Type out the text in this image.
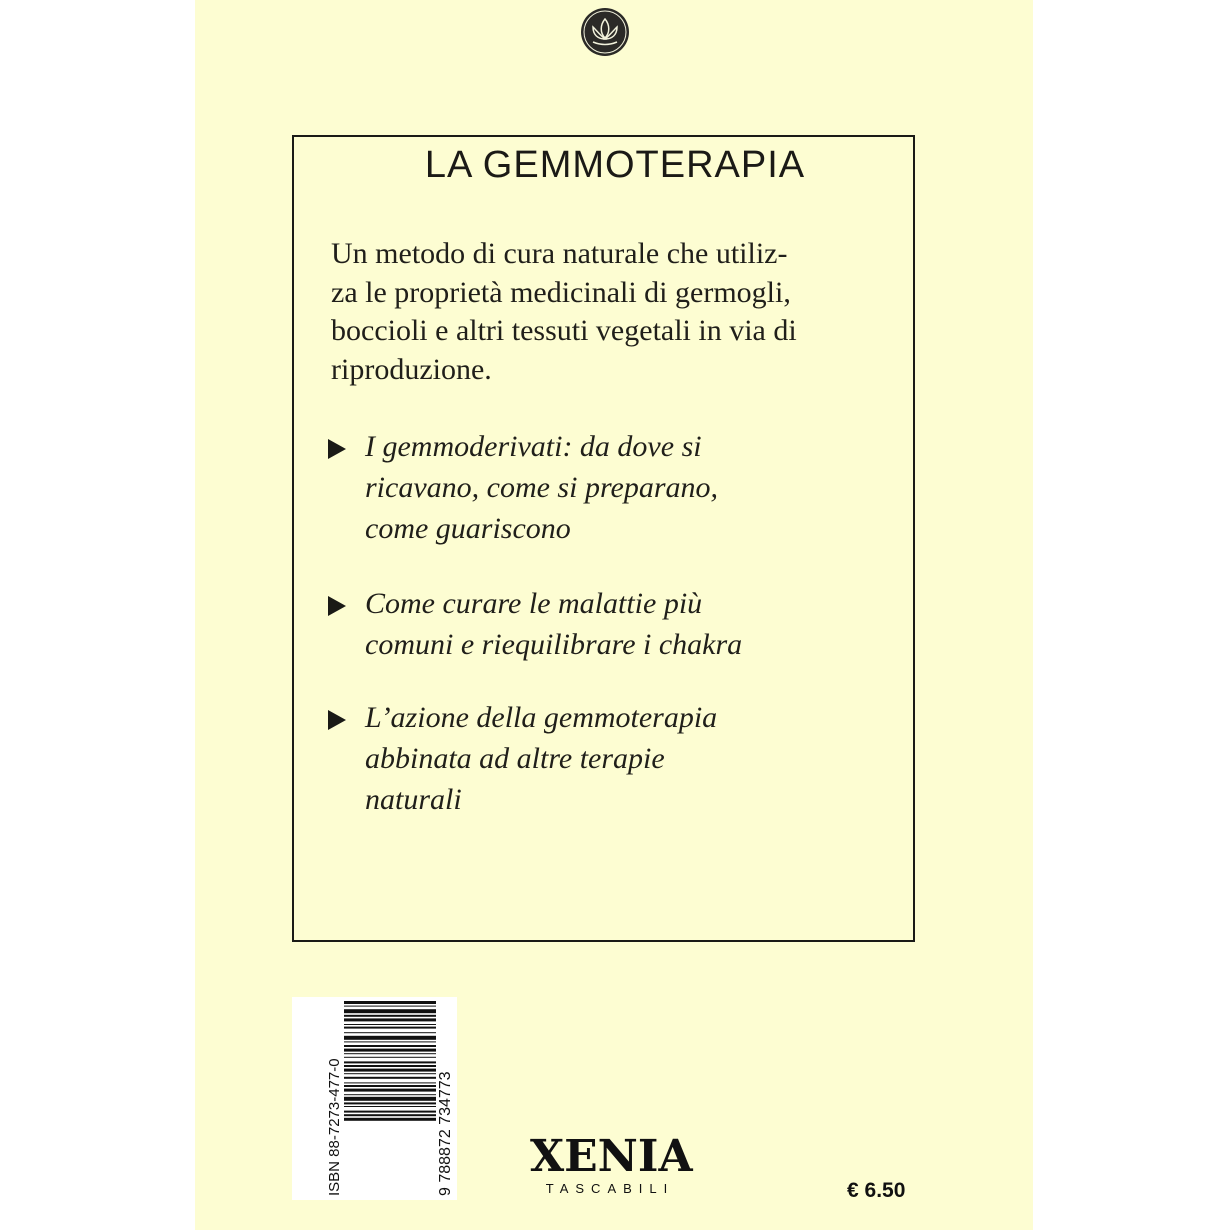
LA GEMMOTERAPIA
Un metodo di cura naturale che utiliz-
za le proprietà medicinali di germogli,
boccioli e altri tessuti vegetali in via di
riproduzione.
I gemmoderivati: da dove si
ricavano, come si preparano,
come guariscono
Come curare le malattie più
comuni e riequilibrare i chakra
L’azione della gemmoterapia
abbinata ad altre terapie
naturali
ISBN 88-7273-477-0	9 788872 734773 XENIA
TASCABILI	€ 6.50
